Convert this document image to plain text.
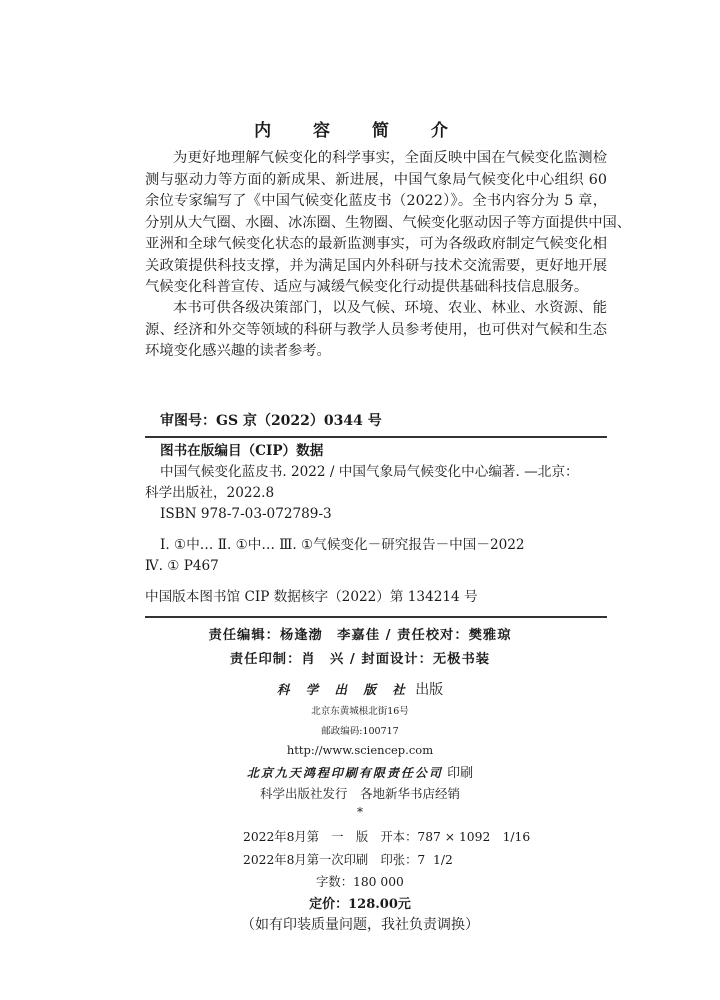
内 容 简 介
为更好地理解气候变化的科学事实，全面反映中国在气候变化监测检
测与驱动力等方面的新成果、新进展，中国气象局气候变化中心组织 60
余位专家编写了《中国气候变化蓝皮书（2022）》。全书内容分为 5 章，
分别从大气圈、水圈、冰冻圈、生物圈、气候变化驱动因子等方面提供中国、
亚洲和全球气候变化状态的最新监测事实，可为各级政府制定气候变化相
关政策提供科技支撑，并为满足国内外科研与技术交流需要，更好地开展
气候变化科普宣传、适应与减缓气候变化行动提供基础科技信息服务。
本书可供各级决策部门，以及气候、环境、农业、林业、水资源、能
源、经济和外交等领域的科研与教学人员参考使用，也可供对气候和生态
环境变化感兴趣的读者参考。
审图号：GS 京（2022）0344 号
图书在版编目（CIP）数据
中国气候变化蓝皮书. 2022 / 中国气象局气候变化中心编著. —北京：
科学出版社，2022.8
ISBN 978-7-03-072789-3
Ⅰ. ①中… Ⅱ. ①中… Ⅲ. ①气候变化－研究报告－中国－2022
Ⅳ. ① P467
中国版本图书馆 CIP 数据核字（2022）第 134214 号
责任编辑：杨逢渤　李嘉佳 / 责任校对：樊雅琼
责任印制：肖　兴 / 封面设计：无极书装
科 学 出 版 社 出版
北京东黄城根北街16号
邮政编码:100717
http://www.sciencep.com
北京九天鸿程印刷有限责任公司 印刷
科学出版社发行　各地新华书店经销
*
2022年8月第　一　版　开本：787 × 1092　1/16
2022年8月第一次印刷　印张：7  1/2
字数：180 000
定价：128.00元
（如有印装质量问题，我社负责调换）
